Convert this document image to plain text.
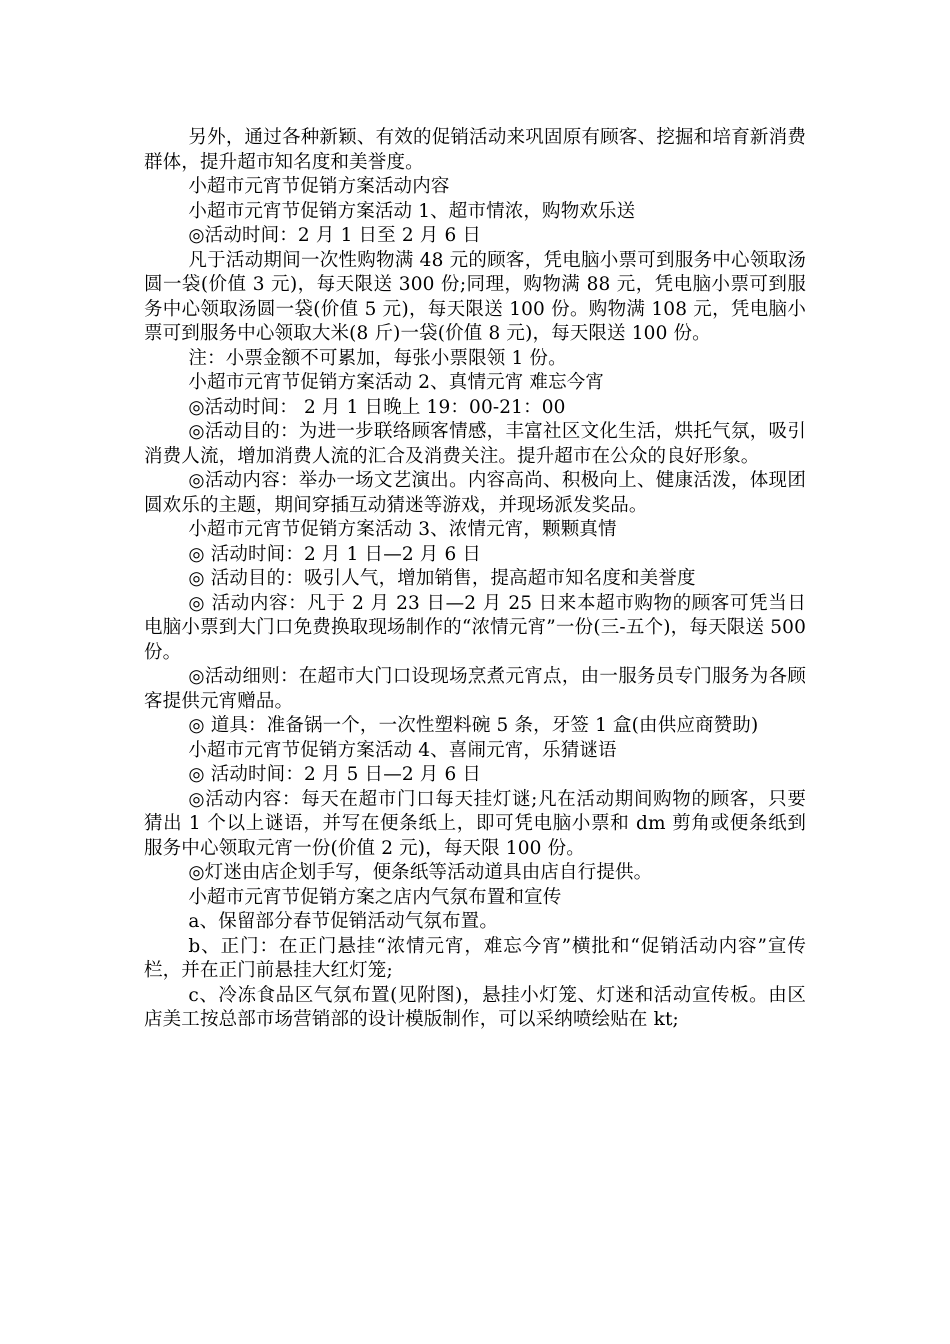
另外，通过各种新颖、有效的促销活动来巩固原有顾客、挖掘和培育新消费群体，提升超市知名度和美誉度。

小超市元宵节促销方案活动内容

小超市元宵节促销方案活动 1、超市情浓，购物欢乐送

◎活动时间：2 月 1 日至 2 月 6 日

凡于活动期间一次性购物满 48 元的顾客，凭电脑小票可到服务中心领取汤圆一袋(价值 3 元)，每天限送 300 份;同理，购物满 88 元，凭电脑小票可到服务中心领取汤圆一袋(价值 5 元)，每天限送 100 份。购物满 108 元，凭电脑小票可到服务中心领取大米(8 斤)一袋(价值 8 元)，每天限送 100 份。

注：小票金额不可累加，每张小票限领 1 份。

小超市元宵节促销方案活动 2、真情元宵 难忘今宵

◎活动时间： 2 月 1 日晚上 19：00-21：00

◎活动目的：为进一步联络顾客情感，丰富社区文化生活，烘托气氛，吸引消费人流，增加消费人流的汇合及消费关注。提升超市在公众的良好形象。

◎活动内容：举办一场文艺演出。内容高尚、积极向上、健康活泼，体现团圆欢乐的主题，期间穿插互动猜迷等游戏，并现场派发奖品。

小超市元宵节促销方案活动 3、浓情元宵，颗颗真情

◎ 活动时间：2 月 1 日—2 月 6 日

◎ 活动目的：吸引人气，增加销售，提高超市知名度和美誉度

◎ 活动内容：凡于 2 月 23 日—2 月 25 日来本超市购物的顾客可凭当日电脑小票到大门口免费换取现场制作的“浓情元宵”一份(三-五个)，每天限送 500 份。

◎活动细则：在超市大门口设现场烹煮元宵点，由一服务员专门服务为各顾客提供元宵赠品。

◎ 道具：准备锅一个，一次性塑料碗 5 条，牙签 1 盒(由供应商赞助)

小超市元宵节促销方案活动 4、喜闹元宵，乐猜谜语

◎ 活动时间：2 月 5 日—2 月 6 日

◎活动内容：每天在超市门口每天挂灯谜;凡在活动期间购物的顾客，只要猜出 1 个以上谜语，并写在便条纸上，即可凭电脑小票和 dm 剪角或便条纸到服务中心领取元宵一份(价值 2 元)，每天限 100 份。

◎灯迷由店企划手写，便条纸等活动道具由店自行提供。

小超市元宵节促销方案之店内气氛布置和宣传

a、保留部分春节促销活动气氛布置。

b、正门：在正门悬挂“浓情元宵，难忘今宵”横批和“促销活动内容”宣传栏，并在正门前悬挂大红灯笼;

c、冷冻食品区气氛布置(见附图)，悬挂小灯笼、灯迷和活动宣传板。由区店美工按总部市场营销部的设计模版制作，可以采纳喷绘贴在 kt;
